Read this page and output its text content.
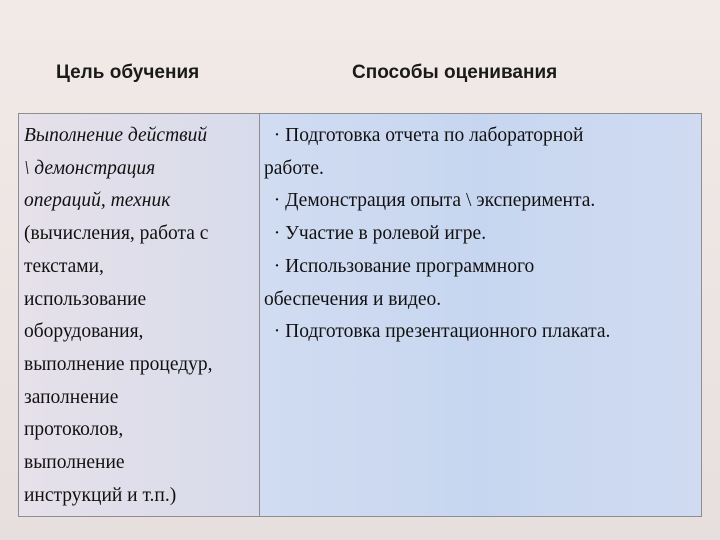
Цель обучения	Способы оценивания
Выполнение действий
\ демонстрация
операций, техник
(вычисления, работа с
текстами,
использование
оборудования,
выполнение процедур,
заполнение
протоколов,
выполнение
инструкций и т.п.)
· Подготовка отчета по лабораторной
работе.
· Демонстрация опыта \ эксперимента.
· Участие в ролевой игре.
· Использование программного
обеспечения и видео.
· Подготовка презентационного плаката.
